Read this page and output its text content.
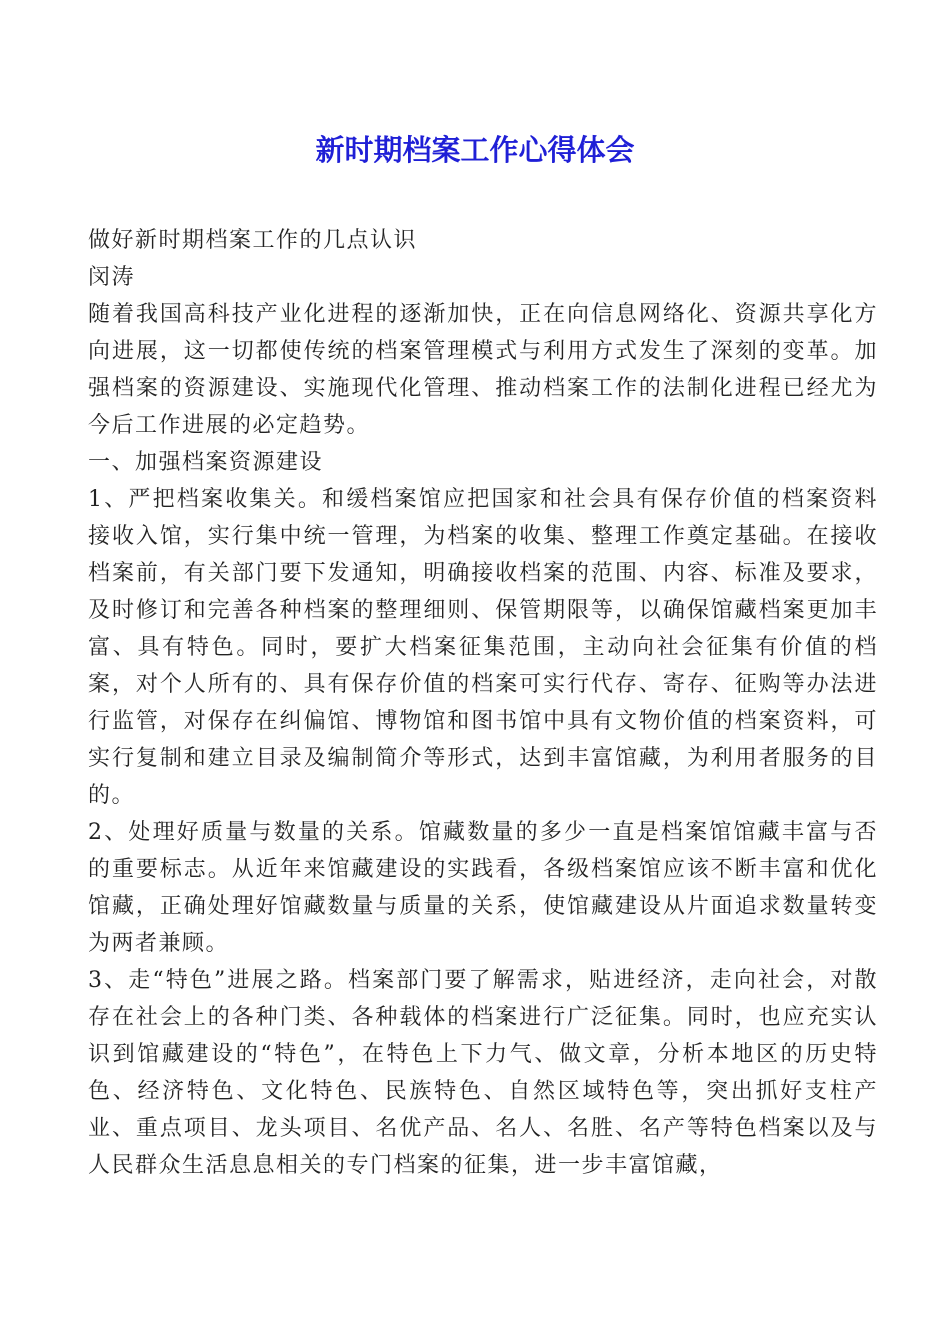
新时期档案工作心得体会

做好新时期档案工作的几点认识

闵涛

随着我国高科技产业化进程的逐渐加快，正在向信息网络化、资源共享化方向进展，这一切都使传统的档案管理模式与利用方式发生了深刻的变革。加强档案的资源建设、实施现代化管理、推动档案工作的法制化进程已经尤为今后工作进展的必定趋势。

一、加强档案资源建设

1、严把档案收集关。和缓档案馆应把国家和社会具有保存价值的档案资料接收入馆，实行集中统一管理，为档案的收集、整理工作奠定基础。在接收档案前，有关部门要下发通知，明确接收档案的范围、内容、标准及要求，及时修订和完善各种档案的整理细则、保管期限等，以确保馆藏档案更加丰富、具有特色。同时，要扩大档案征集范围，主动向社会征集有价值的档案，对个人所有的、具有保存价值的档案可实行代存、寄存、征购等办法进行监管，对保存在纠偏馆、博物馆和图书馆中具有文物价值的档案资料，可实行复制和建立目录及编制简介等形式，达到丰富馆藏，为利用者服务的目的。

2、处理好质量与数量的关系。馆藏数量的多少一直是档案馆馆藏丰富与否的重要标志。从近年来馆藏建设的实践看，各级档案馆应该不断丰富和优化馆藏，正确处理好馆藏数量与质量的关系，使馆藏建设从片面追求数量转变为两者兼顾。

3、走“特色”进展之路。档案部门要了解需求，贴进经济，走向社会，对散存在社会上的各种门类、各种载体的档案进行广泛征集。同时，也应充实认识到馆藏建设的“特色”，在特色上下力气、做文章，分析本地区的历史特色、经济特色、文化特色、民族特色、自然区域特色等，突出抓好支柱产业、重点项目、龙头项目、名优产品、名人、名胜、名产等特色档案以及与人民群众生活息息相关的专门档案的征集，进一步丰富馆藏，
